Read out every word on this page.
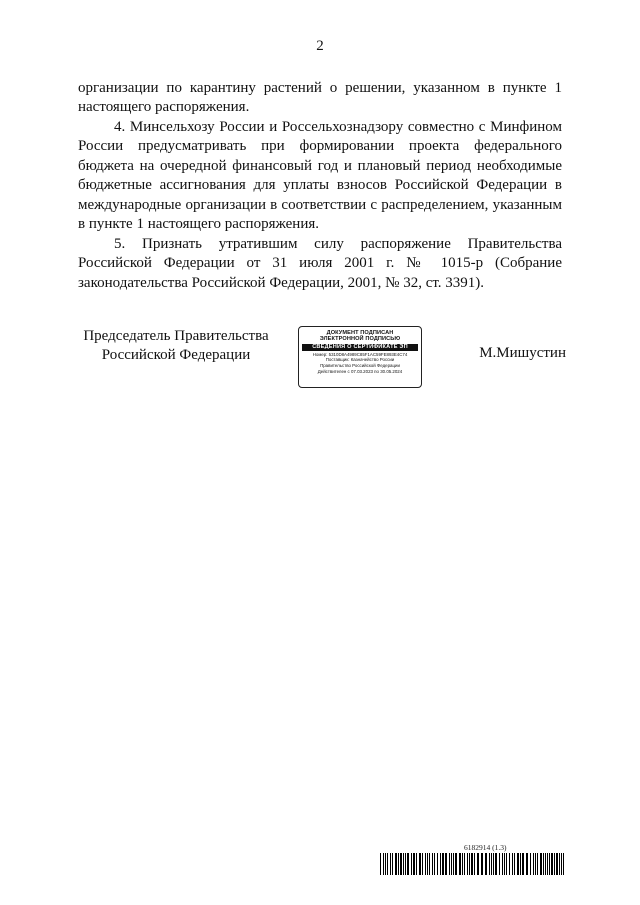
2

организации по карантину растений о решении, указанном в пункте 1 настоящего распоряжения.

4. Минсельхозу России и Россельхознадзору совместно с Минфином России предусматривать при формировании проекта федерального бюджета на очередной финансовый год и плановый период необходимые бюджетные ассигнования для уплаты взносов Российской Федерации в международные организации в соответствии с распределением, указанным в пункте 1 настоящего распоряжения.

5. Признать утратившим силу распоряжение Правительства Российской Федерации от 31 июля 2001 г. № 1015-р (Собрание законодательства Российской Федерации, 2001, № 32, ст. 3391).

Председатель Правительства
Российской Федерации
ДОКУМЕНТ ПОДПИСАН
ЭЛЕКТРОННОЙ ПОДПИСЬЮ
СВЕДЕНИЯ О СЕРТИФИКАТЕ ЭП
Номер: 5310D8A4989C85F1AC59FE893E4C74
Поставщик: Казначейство России
Правительство Российской Федерации
Действителен с 07.03.2023 по 30.05.2024
М.Мишустин
6182914 (1.3)
